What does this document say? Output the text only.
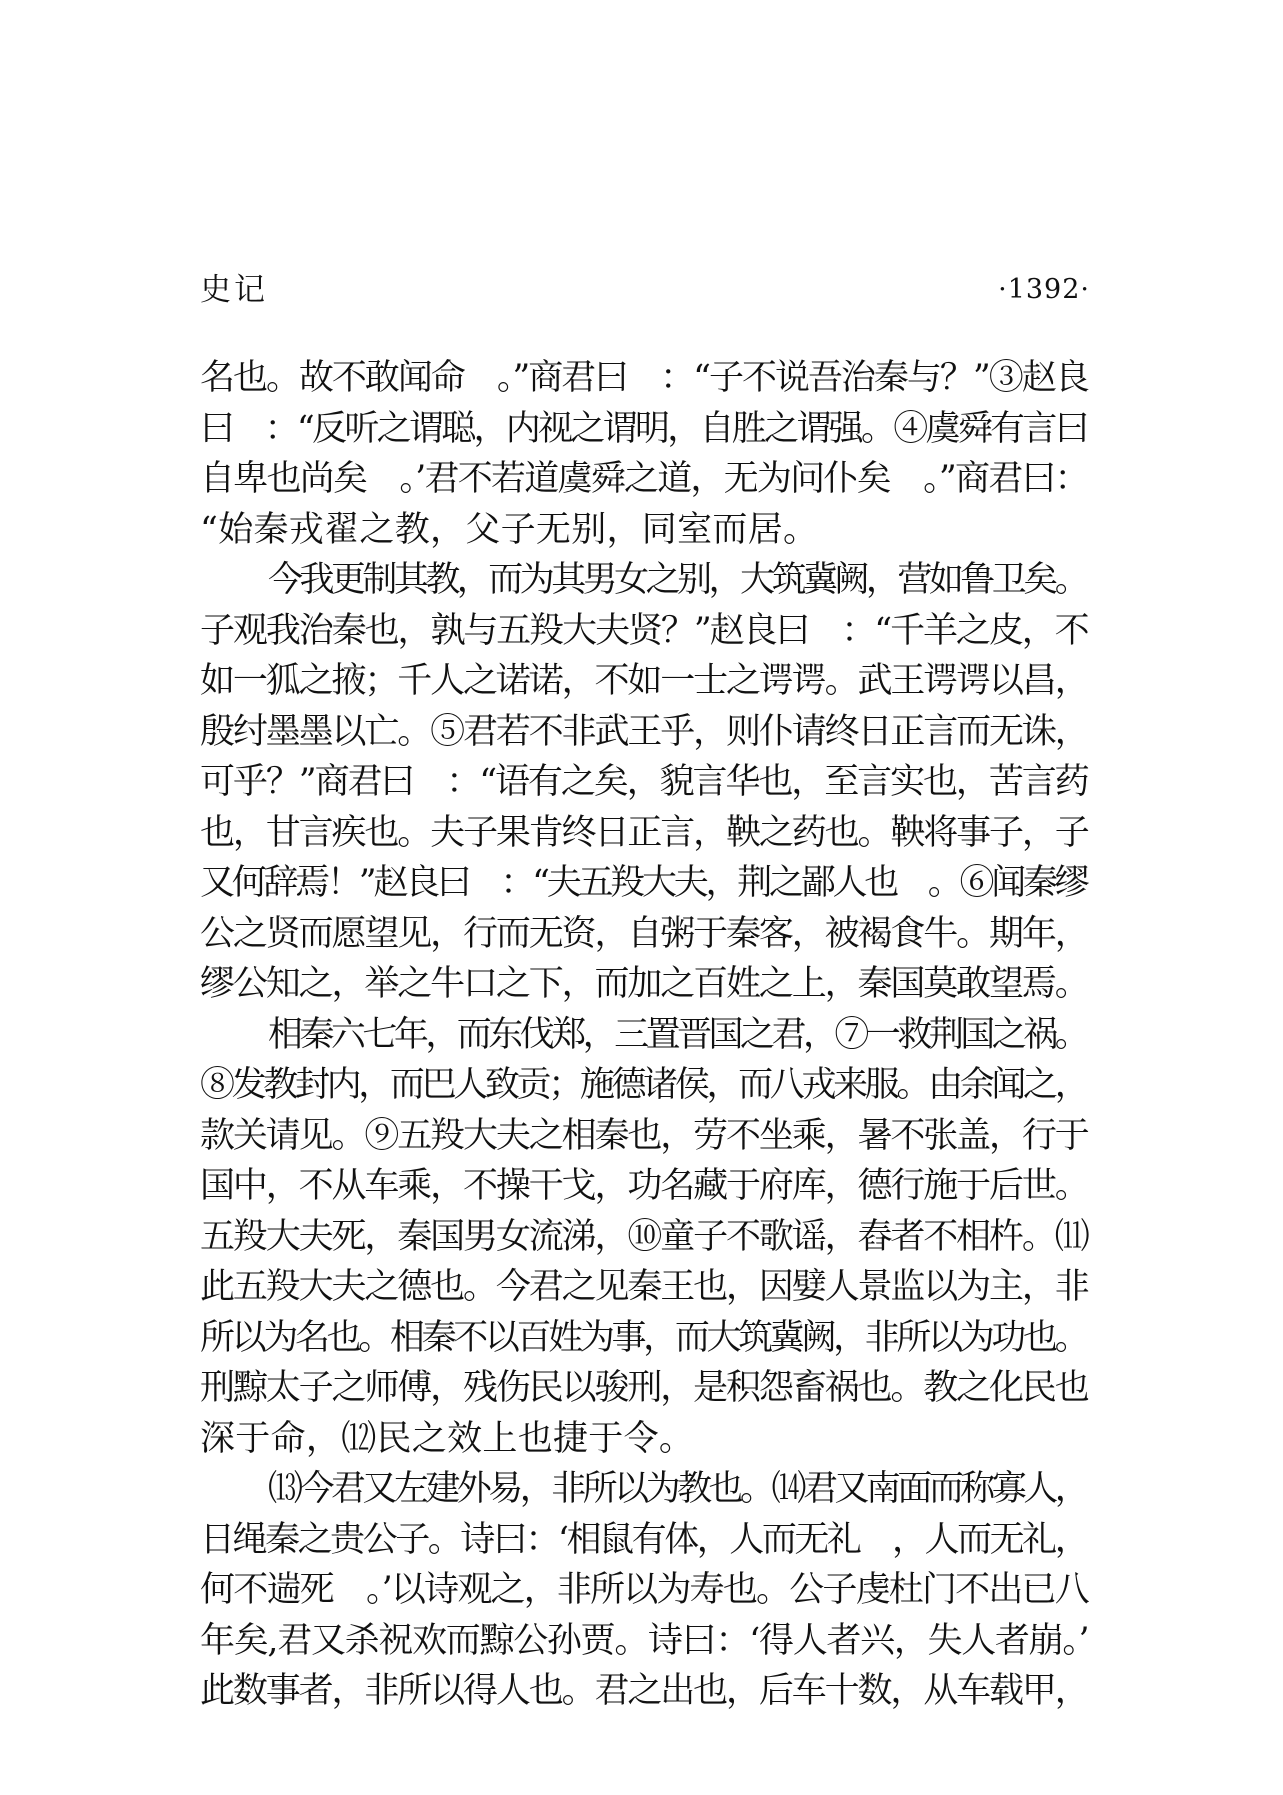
史记	·1392·
名也。故不敢闻命　。”商君曰　：“子不说吾治秦与？”③赵良
曰　：“反听之谓聪，内视之谓明，自胜之谓强。④虞舜有言曰
自卑也尚矣　。’君不若道虞舜之道，无为问仆矣　。”商君曰：
“始秦戎翟之教，父子无别，同室而居。
今我更制其教，而为其男女之别，大筑冀阙，营如鲁卫矣。
子观我治秦也，孰与五羖大夫贤？”赵良曰　：“千羊之皮，不
如一狐之掖；千人之诺诺，不如一士之谔谔。武王谔谔以昌，
殷纣墨墨以亡。⑤君若不非武王乎，则仆请终日正言而无诛，
可乎？”商君曰　：“语有之矣，貌言华也，至言实也，苦言药
也，甘言疾也。夫子果肯终日正言，鞅之药也。鞅将事子，子
又何辞焉！”赵良曰　：“夫五羖大夫，荆之鄙人也　。⑥闻秦缪
公之贤而愿望见，行而无资，自粥于秦客，被褐食牛。期年，
缪公知之，举之牛口之下，而加之百姓之上，秦国莫敢望焉。
相秦六七年，而东伐郑，三置晋国之君，⑦一救荆国之祸。
⑧发教封内，而巴人致贡；施德诸侯，而八戎来服。由余闻之，
款关请见。⑨五羖大夫之相秦也，劳不坐乘，暑不张盖，行于
国中，不从车乘，不操干戈，功名藏于府库，德行施于后世。
五羖大夫死，秦国男女流涕，⑩童子不歌谣，舂者不相杵。⑾
此五羖大夫之德也。今君之见秦王也，因嬖人景监以为主，非
所以为名也。相秦不以百姓为事，而大筑冀阙，非所以为功也。
刑黥太子之师傅，残伤民以骏刑，是积怨畜祸也。教之化民也
深于命，⑿民之效上也捷于令。
⒀今君又左建外易，非所以为教也。⒁君又南面而称寡人，
日绳秦之贵公子。诗曰：‘相鼠有体，人而无礼　，人而无礼，
何不遄死　。’以诗观之，非所以为寿也。公子虔杜门不出已八
年矣,君又杀祝欢而黥公孙贾。诗曰：‘得人者兴，失人者崩。’
此数事者，非所以得人也。君之出也，后车十数，从车载甲，
